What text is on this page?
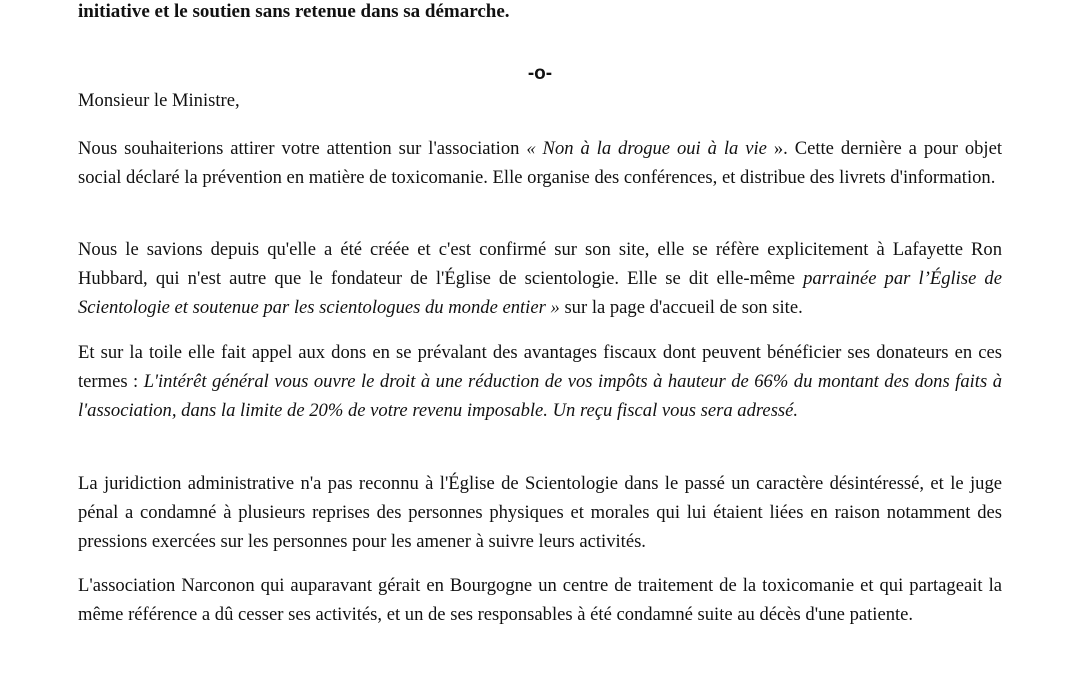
initiative et le soutien sans retenue dans sa démarche.
-o-

Monsieur le Ministre,

Nous souhaiterions attirer votre attention sur l'association « Non à la drogue oui à la vie ». Cette dernière a pour objet social déclaré la prévention en matière de toxicomanie. Elle organise des conférences, et distribue des livrets d'information.

Nous le savions depuis qu'elle a été créée et c'est confirmé sur son site, elle se réfère explicitement à Lafayette Ron Hubbard, qui n'est autre que le fondateur de l'Église de scientologie. Elle se dit elle-même parrainée par l’Église de Scientologie et soutenue par les scientologues du monde entier » sur la page d'accueil de son site.

Et sur la toile elle fait appel aux dons en se prévalant des avantages fiscaux dont peuvent bénéficier ses donateurs en ces termes : L'intérêt général vous ouvre le droit à une réduction de vos impôts à hauteur de 66% du montant des dons faits à l'association, dans la limite de 20% de votre revenu imposable. Un reçu fiscal vous sera adressé.

La juridiction administrative n'a pas reconnu à l'Église de Scientologie dans le passé un caractère désintéressé, et le juge pénal a condamné à plusieurs reprises des personnes physiques et morales qui lui étaient liées en raison notamment des pressions exercées sur les personnes pour les amener à suivre leurs activités.

L'association Narconon qui auparavant gérait en Bourgogne un centre de traitement de la toxicomanie et qui partageait la même référence a dû cesser ses activités, et un de ses responsables à été condamné suite au décès d'une patiente.
